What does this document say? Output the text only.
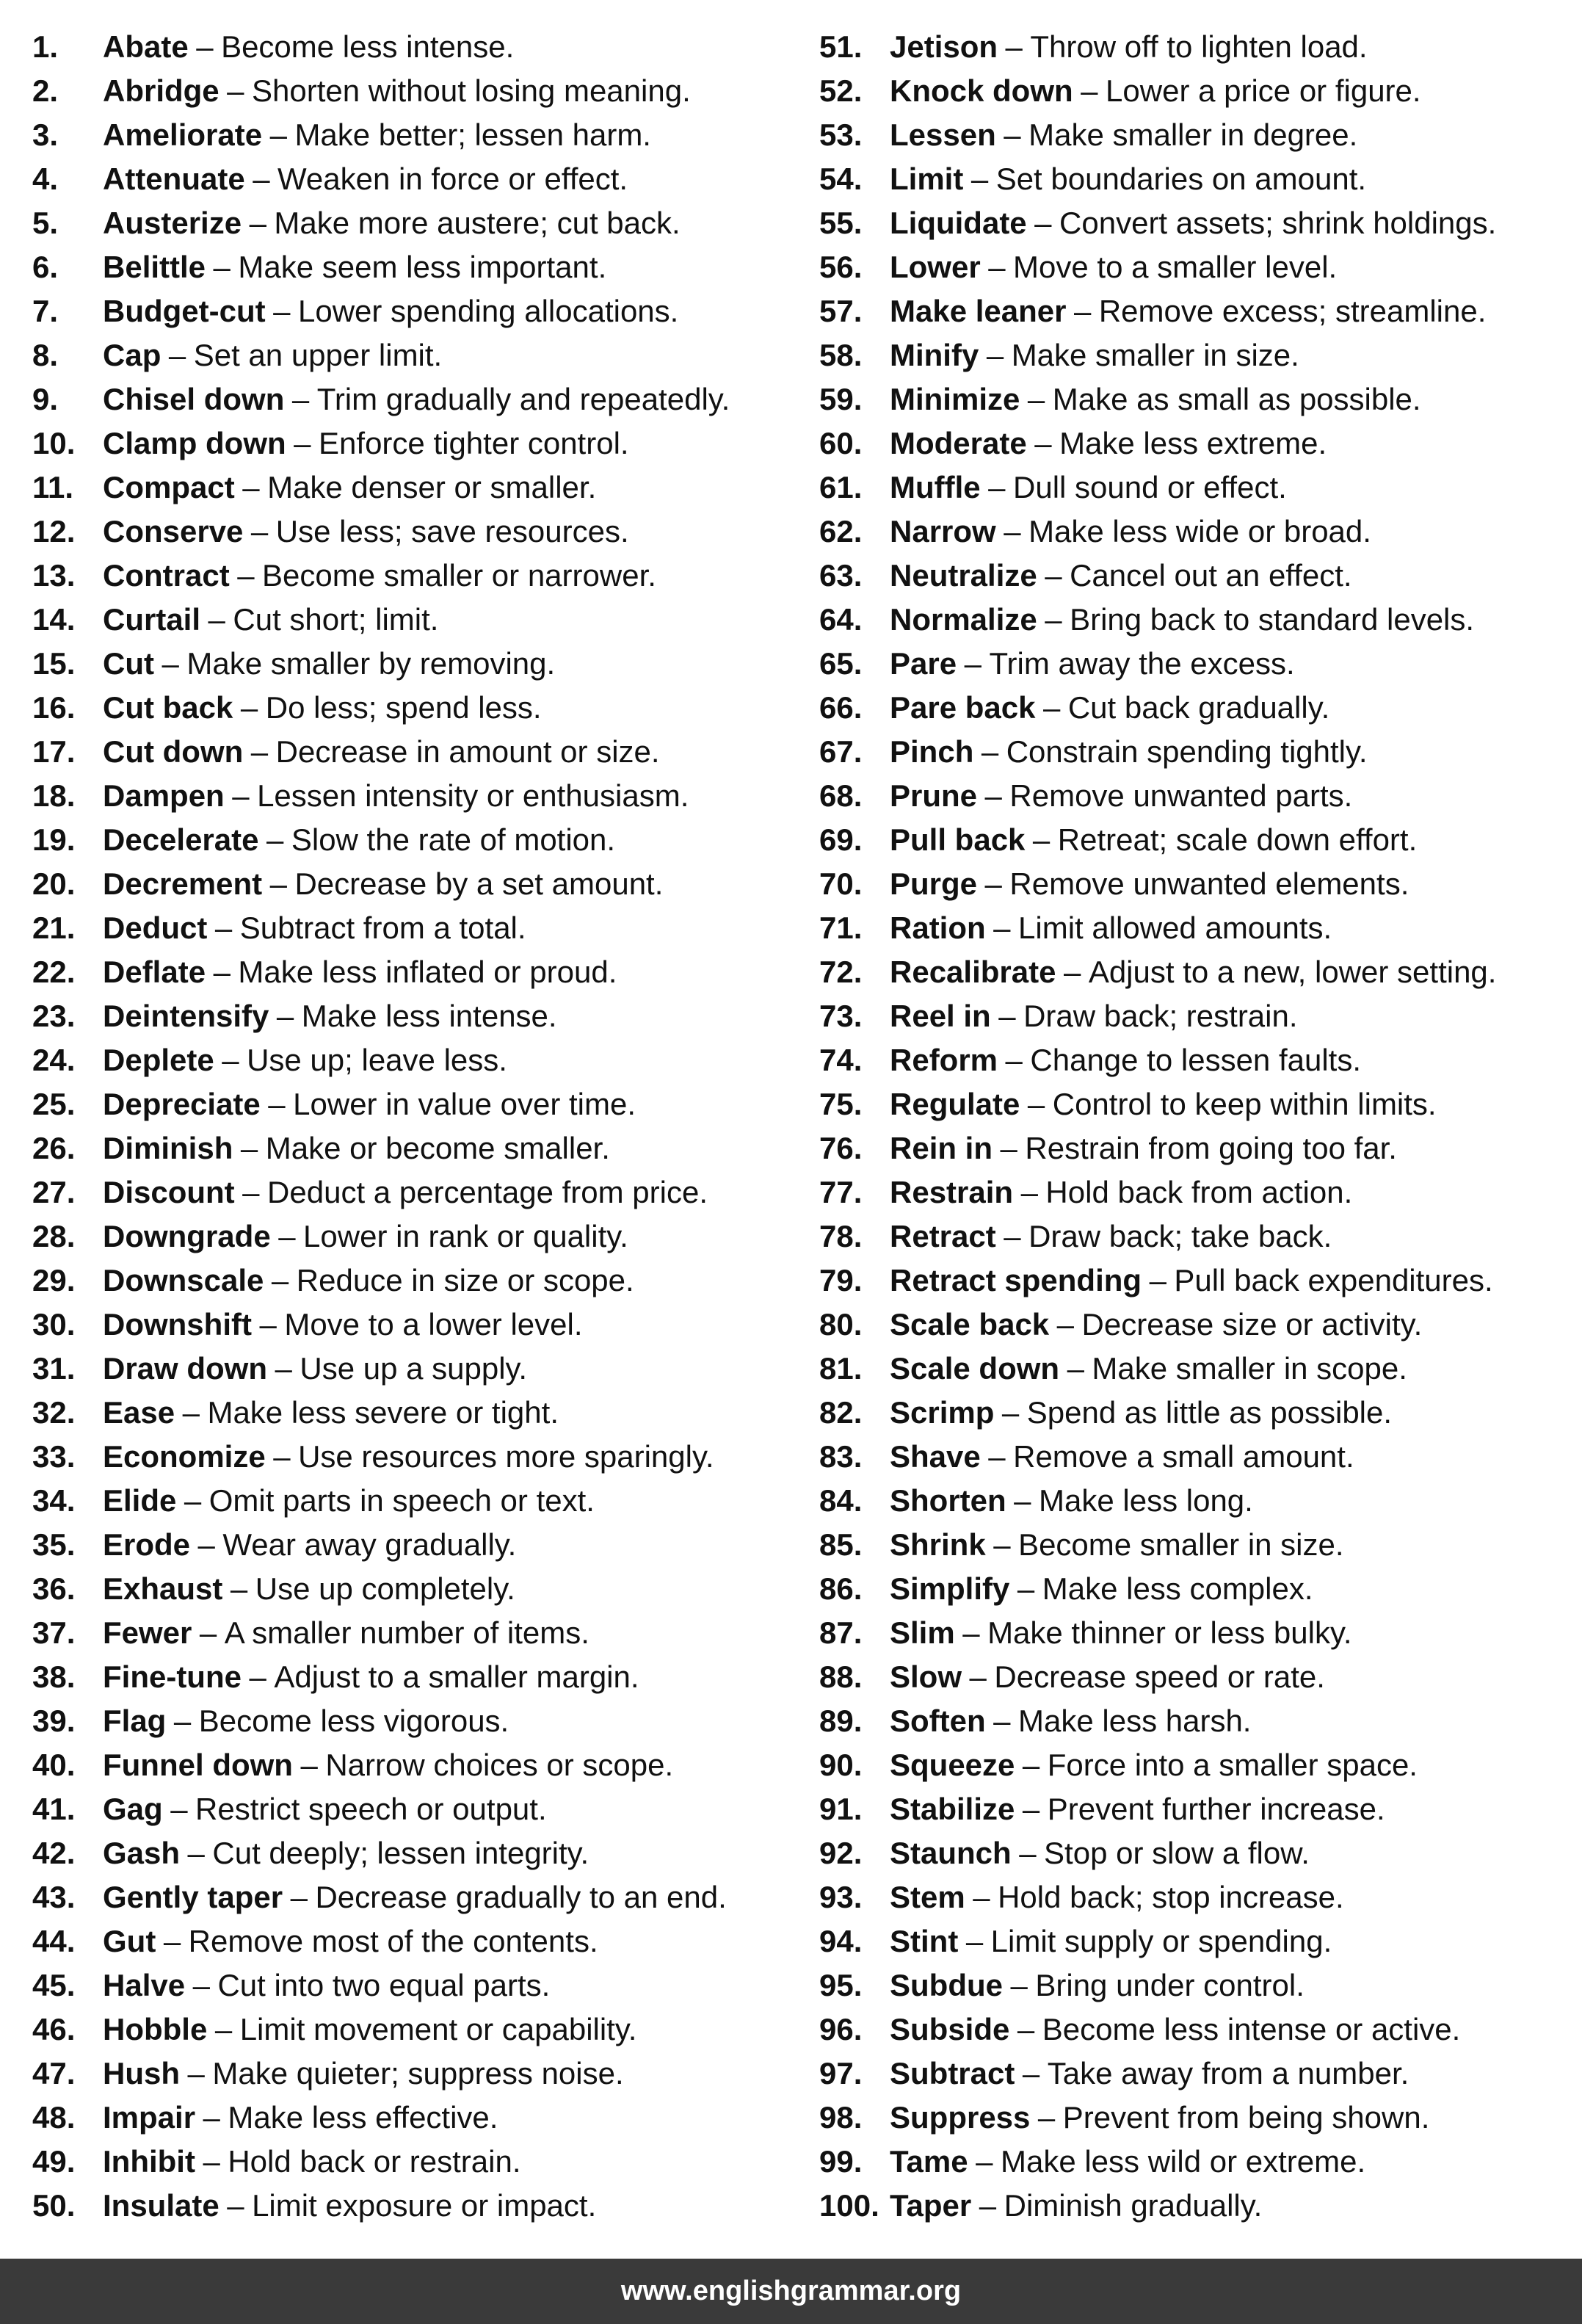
1.	Abate – Become less intense.
2.	Abridge – Shorten without losing meaning.
3.	Ameliorate – Make better; lessen harm.
4.	Attenuate – Weaken in force or effect.
5.	Austerize – Make more austere; cut back.
6.	Belittle – Make seem less important.
7.	Budget-cut – Lower spending allocations.
8.	Cap – Set an upper limit.
9.	Chisel down – Trim gradually and repeatedly.
10. Clamp down – Enforce tighter control.
11. Compact – Make denser or smaller.
12. Conserve – Use less; save resources.
13. Contract – Become smaller or narrower.
14. Curtail – Cut short; limit.
15. Cut – Make smaller by removing.
16. Cut back – Do less; spend less.
17. Cut down – Decrease in amount or size.
18. Dampen – Lessen intensity or enthusiasm.
19. Decelerate – Slow the rate of motion.
20. Decrement – Decrease by a set amount.
21. Deduct – Subtract from a total.
22. Deflate – Make less inflated or proud.
23. Deintensify – Make less intense.
24. Deplete – Use up; leave less.
25. Depreciate – Lower in value over time.
26. Diminish – Make or become smaller.
27. Discount – Deduct a percentage from price.
28. Downgrade – Lower in rank or quality.
29. Downscale – Reduce in size or scope.
30. Downshift – Move to a lower level.
31. Draw down – Use up a supply.
32. Ease – Make less severe or tight.
33. Economize – Use resources more sparingly.
34. Elide – Omit parts in speech or text.
35. Erode – Wear away gradually.
36. Exhaust – Use up completely.
37. Fewer – A smaller number of items.
38. Fine-tune – Adjust to a smaller margin.
39. Flag – Become less vigorous.
40. Funnel down – Narrow choices or scope.
41. Gag – Restrict speech or output.
42. Gash – Cut deeply; lessen integrity.
43. Gently taper – Decrease gradually to an end.
44. Gut – Remove most of the contents.
45. Halve – Cut into two equal parts.
46. Hobble – Limit movement or capability.
47. Hush – Make quieter; suppress noise.
48. Impair – Make less effective.
49. Inhibit – Hold back or restrain.
50. Insulate – Limit exposure or impact.
51. Jetison – Throw off to lighten load.
52. Knock down – Lower a price or figure.
53. Lessen – Make smaller in degree.
54. Limit – Set boundaries on amount.
55. Liquidate – Convert assets; shrink holdings.
56. Lower – Move to a smaller level.
57. Make leaner – Remove excess; streamline.
58. Minify – Make smaller in size.
59. Minimize – Make as small as possible.
60. Moderate – Make less extreme.
61. Muffle – Dull sound or effect.
62. Narrow – Make less wide or broad.
63. Neutralize – Cancel out an effect.
64. Normalize – Bring back to standard levels.
65. Pare – Trim away the excess.
66. Pare back – Cut back gradually.
67. Pinch – Constrain spending tightly.
68. Prune – Remove unwanted parts.
69. Pull back – Retreat; scale down effort.
70. Purge – Remove unwanted elements.
71. Ration – Limit allowed amounts.
72. Recalibrate – Adjust to a new, lower setting.
73. Reel in – Draw back; restrain.
74. Reform – Change to lessen faults.
75. Regulate – Control to keep within limits.
76. Rein in – Restrain from going too far.
77. Restrain – Hold back from action.
78. Retract – Draw back; take back.
79. Retract spending – Pull back expenditures.
80. Scale back – Decrease size or activity.
81. Scale down – Make smaller in scope.
82. Scrimp – Spend as little as possible.
83. Shave – Remove a small amount.
84. Shorten – Make less long.
85. Shrink – Become smaller in size.
86. Simplify – Make less complex.
87. Slim – Make thinner or less bulky.
88. Slow – Decrease speed or rate.
89. Soften – Make less harsh.
90. Squeeze – Force into a smaller space.
91. Stabilize – Prevent further increase.
92. Staunch – Stop or slow a flow.
93. Stem – Hold back; stop increase.
94. Stint – Limit supply or spending.
95. Subdue – Bring under control.
96. Subside – Become less intense or active.
97. Subtract – Take away from a number.
98. Suppress – Prevent from being shown.
99. Tame – Make less wild or extreme.
100. Taper – Diminish gradually.
www.englishgrammar.org
